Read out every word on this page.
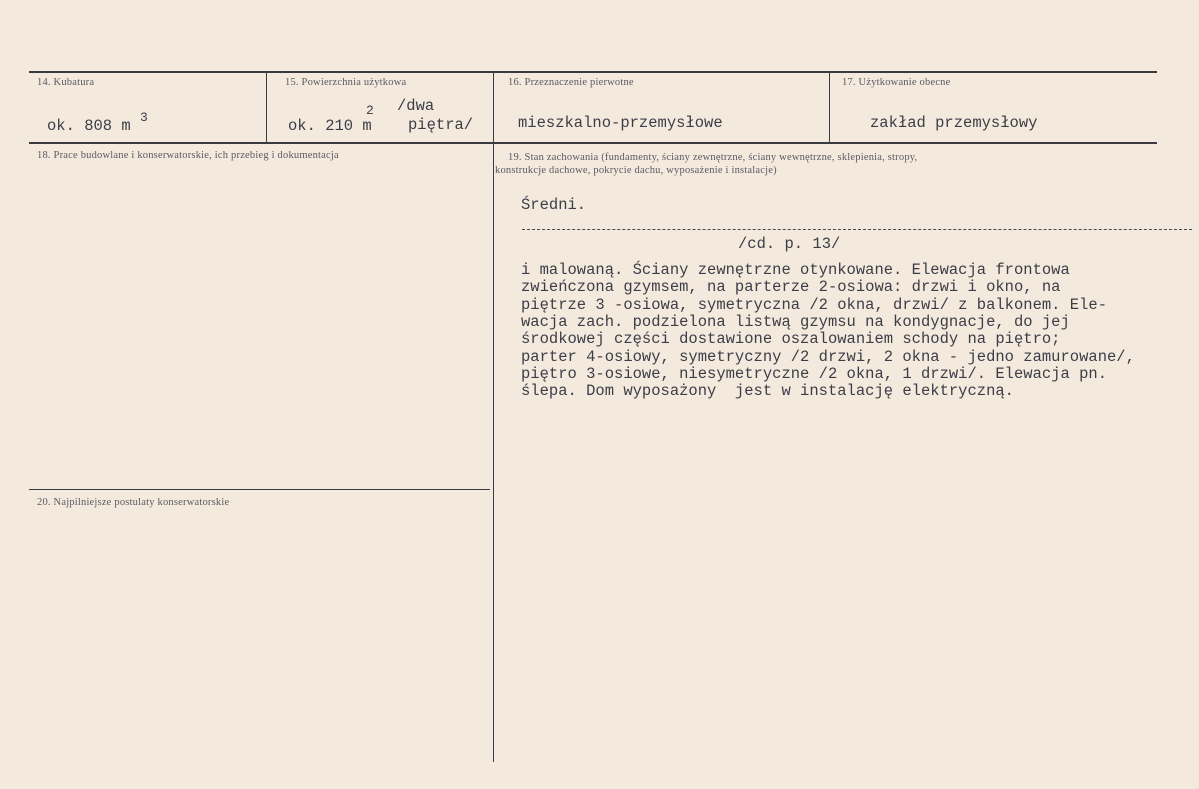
14. Kubatura
ok. 808 m 3
15. Powierzchnia użytkowa
ok. 210 m
2 /dwa
piętra/
16. Przeznaczenie pierwotne
mieszkalno-przemysłowe
17. Użytkowanie obecne
zakład przemysłowy
18. Prace budowlane i konserwatorskie, ich przebieg i dokumentacja	19. Stan zachowania (fundamenty, ściany zewnętrzne, ściany wewnętrzne, sklepienia, stropy,
konstrukcje dachowe, pokrycie dachu, wyposażenie i instalacje)
Średni.
/cd. p. 13/
i malowaną. Ściany zewnętrzne otynkowane. Elewacja frontowa
zwieńczona gzymsem, na parterze 2-osiowa: drzwi i okno, na
piętrze 3 -osiowa, symetryczna /2 okna, drzwi/ z balkonem. Ele-
wacja zach. podzielona listwą gzymsu na kondygnacje, do jej
środkowej części dostawione oszalowaniem schody na piętro;
parter 4-osiowy, symetryczny /2 drzwi, 2 okna - jedno zamurowane/,
piętro 3-osiowe, niesymetryczne /2 okna, 1 drzwi/. Elewacja pn.
ślepa. Dom wyposażony  jest w instalację elektryczną.
20. Najpilniejsze postulaty konserwatorskie
